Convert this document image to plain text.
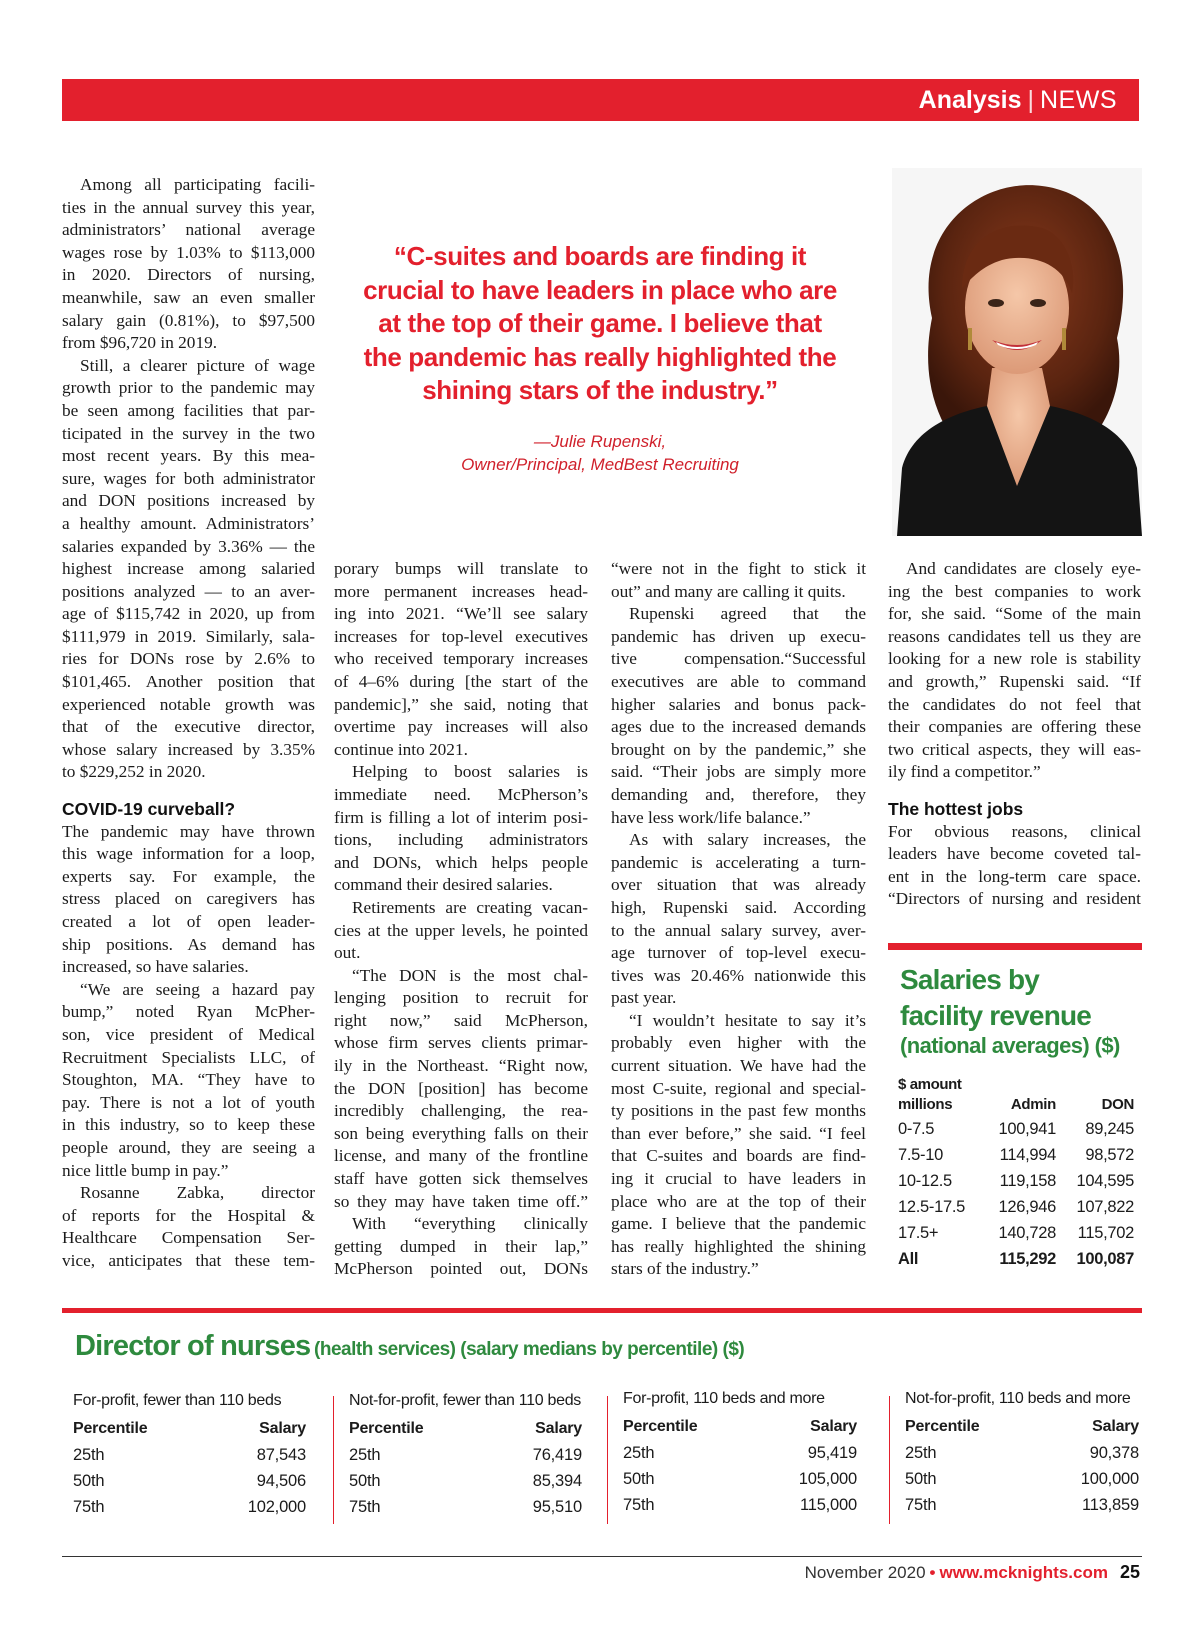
Analysis | NEWS
Among all participating facili-
ties in the annual survey this year,
administrators’ national average
wages rose by 1.03% to $113,000
in 2020. Directors of nursing,
meanwhile, saw an even smaller
salary gain (0.81%), to $97,500
from $96,720 in 2019.
Still, a clearer picture of wage
growth prior to the pandemic may
be seen among facilities that par-
ticipated in the survey in the two
most recent years. By this mea-
sure, wages for both administrator
and DON positions increased by
a healthy amount. Administrators’
salaries expanded by 3.36% — the
highest increase among salaried
positions analyzed — to an aver-
age of $115,742 in 2020, up from
$111,979 in 2019. Similarly, sala-
ries for DONs rose by 2.6% to
$101,465. Another position that
experienced notable growth was
that of the executive director,
whose salary increased by 3.35%
to $229,252 in 2020.
COVID-19 curveball?
The pandemic may have thrown
this wage information for a loop,
experts say. For example, the
stress placed on caregivers has
created a lot of open leader-
ship positions. As demand has
increased, so have salaries.
“We are seeing a hazard pay
bump,” noted Ryan McPher-
son, vice president of Medical
Recruitment Specialists LLC, of
Stoughton, MA. “They have to
pay. There is not a lot of youth
in this industry, so to keep these
people around, they are seeing a
nice little bump in pay.”
Rosanne Zabka, director
of reports for the Hospital &
Healthcare Compensation Ser-
vice, anticipates that these tem-
“C-suites and boards are finding it
crucial to have leaders in place who are
at the top of their game. I believe that
the pandemic has really highlighted the
shining stars of the industry.”
—Julie Rupenski,
Owner/Principal, MedBest Recruiting
porary bumps will translate to
more permanent increases head-
ing into 2021. “We’ll see salary
increases for top-level executives
who received temporary increases
of 4–6% during [the start of the
pandemic],” she said, noting that
overtime pay increases will also
continue into 2021.
Helping to boost salaries is
immediate need. McPherson’s
firm is filling a lot of interim posi-
tions, including administrators
and DONs, which helps people
command their desired salaries.
Retirements are creating vacan-
cies at the upper levels, he pointed
out.
“The DON is the most chal-
lenging position to recruit for
right now,” said McPherson,
whose firm serves clients primar-
ily in the Northeast. “Right now,
the DON [position] has become
incredibly challenging, the rea-
son being everything falls on their
license, and many of the frontline
staff have gotten sick themselves
so they may have taken time off.”
With “everything clinically
getting dumped in their lap,”
McPherson pointed out, DONs
“were not in the fight to stick it
out” and many are calling it quits.
Rupenski agreed that the
pandemic has driven up execu-
tive compensation.“Successful
executives are able to command
higher salaries and bonus pack-
ages due to the increased demands
brought on by the pandemic,” she
said. “Their jobs are simply more
demanding and, therefore, they
have less work/life balance.”
As with salary increases, the
pandemic is accelerating a turn-
over situation that was already
high, Rupenski said. According
to the annual salary survey, aver-
age turnover of top-level execu-
tives was 20.46% nationwide this
past year.
“I wouldn’t hesitate to say it’s
probably even higher with the
current situation. We have had the
most C-suite, regional and special-
ty positions in the past few months
than ever before,” she said. “I feel
that C-suites and boards are find-
ing it crucial to have leaders in
place who are at the top of their
game. I believe that the pandemic
has really highlighted the shining
stars of the industry.”
And candidates are closely eye-
ing the best companies to work
for, she said. “Some of the main
reasons candidates tell us they are
looking for a new role is stability
and growth,” Rupenski said. “If
the candidates do not feel that
their companies are offering these
two critical aspects, they will eas-
ily find a competitor.”
The hottest jobs
For obvious reasons, clinical
leaders have become coveted tal-
ent in the long-term care space.
“Directors of nursing and resident
Salaries by
facility revenue
(national averages) ($)
$ amount
millions	Admin	DON
0-7.5	100,941	89,245
7.5-10	114,994	98,572
10-12.5	119,158	104,595
12.5-17.5	126,946	107,822
17.5+	140,728	115,702
All	115,292	100,087
Director of nurses (health services) (salary medians by percentile) ($)
For-profit, fewer than 110 beds
Percentile	Salary
25th	87,543
50th	94,506
75th	102,000
Not-for-profit, fewer than 110 beds
Percentile	Salary
25th	76,419
50th	85,394
75th	95,510
For-profit, 110 beds and more
Percentile	Salary
25th	95,419
50th	105,000
75th	115,000
Not-for-profit, 110 beds and more
Percentile	Salary
25th	90,378
50th	100,000
75th	113,859
November 2020 • www.mcknights.com 25
